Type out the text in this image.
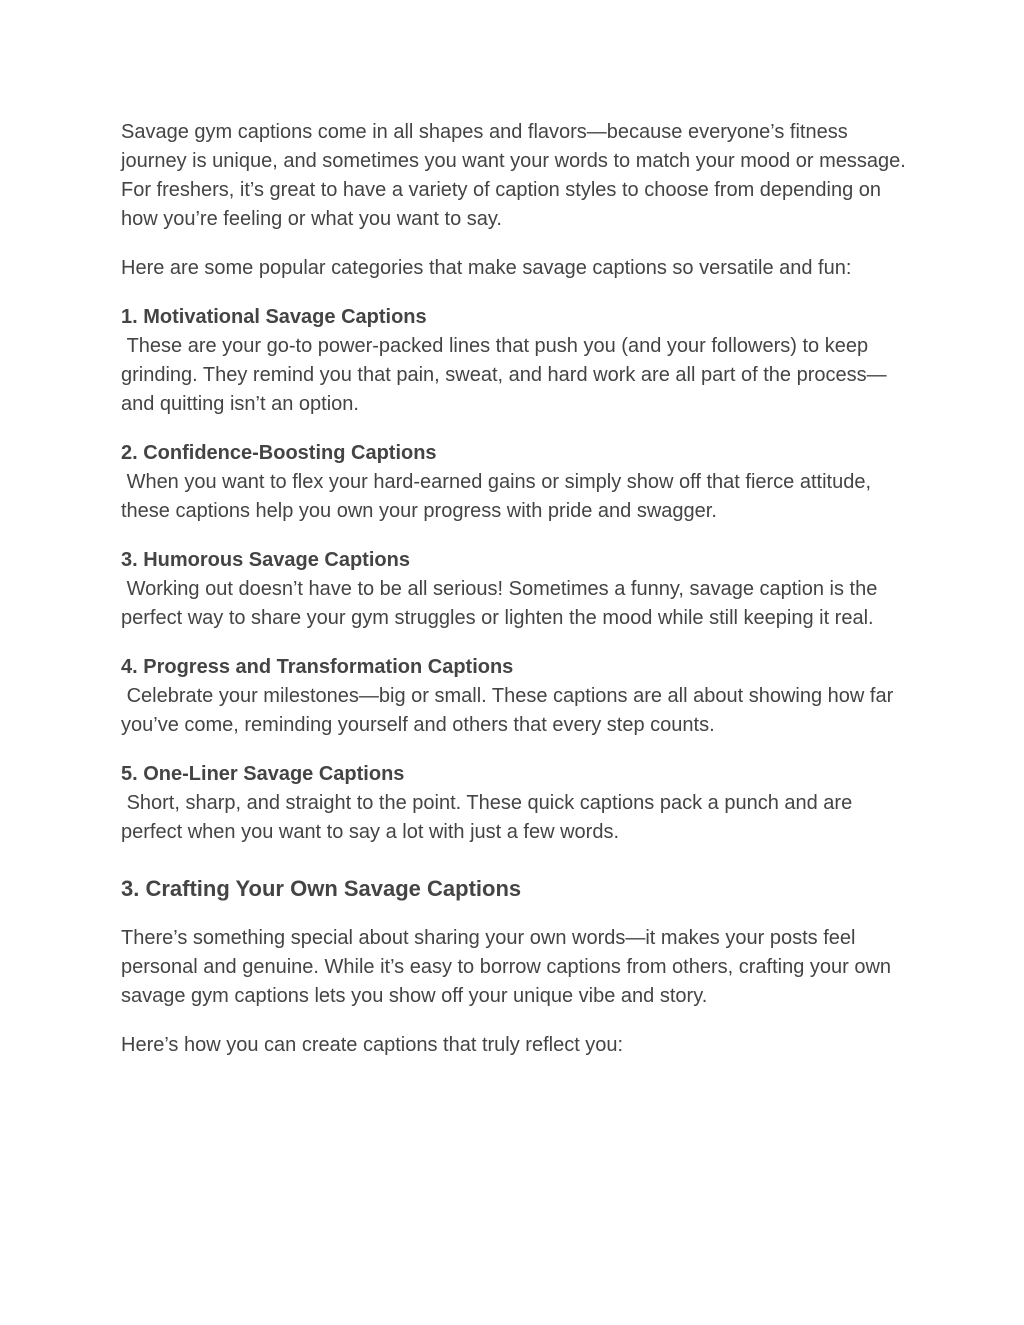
Savage gym captions come in all shapes and flavors—because everyone’s fitness journey is unique, and sometimes you want your words to match your mood or message. For freshers, it’s great to have a variety of caption styles to choose from depending on how you’re feeling or what you want to say.

Here are some popular categories that make savage captions so versatile and fun:

1. Motivational Savage Captions
These are your go-to power-packed lines that push you (and your followers) to keep grinding. They remind you that pain, sweat, and hard work are all part of the process—and quitting isn’t an option.
2. Confidence-Boosting Captions
When you want to flex your hard-earned gains or simply show off that fierce attitude, these captions help you own your progress with pride and swagger.
3. Humorous Savage Captions
Working out doesn’t have to be all serious! Sometimes a funny, savage caption is the perfect way to share your gym struggles or lighten the mood while still keeping it real.
4. Progress and Transformation Captions
Celebrate your milestones—big or small. These captions are all about showing how far you’ve come, reminding yourself and others that every step counts.
5. One-Liner Savage Captions
Short, sharp, and straight to the point. These quick captions pack a punch and are perfect when you want to say a lot with just a few words.
3. Crafting Your Own Savage Captions

There’s something special about sharing your own words—it makes your posts feel personal and genuine. While it’s easy to borrow captions from others, crafting your own savage gym captions lets you show off your unique vibe and story.

Here’s how you can create captions that truly reflect you:
